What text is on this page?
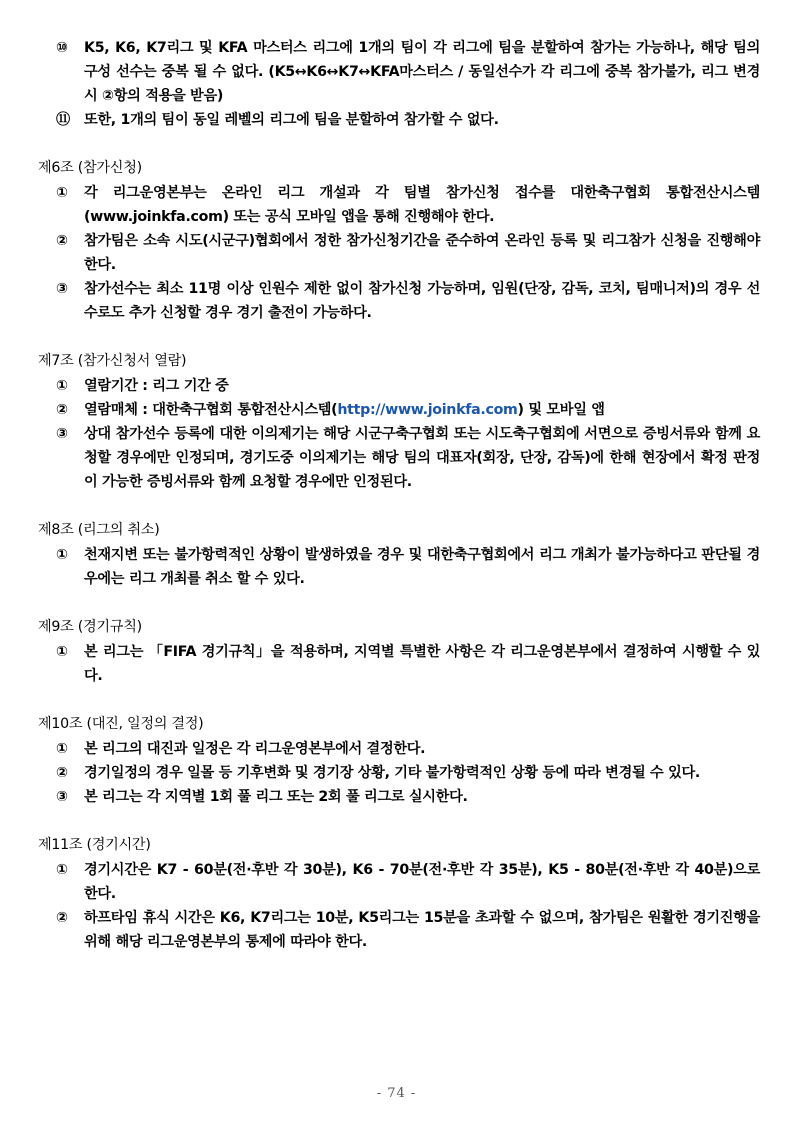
⑩	K5, K6, K7리그 및 KFA 마스터스 리그에 1개의 팀이 각 리그에 팀을 분할하여 참가는 가능하나, 해당 팀의 구성 선수는 중복 될 수 없다. (K5↔K6↔K7↔KFA마스터스 / 동일선수가 각 리그에 중복 참가불가, 리그 변경 시 ②항의 적용을 받음)

⑪ 또한, 1개의 팀이 동일 레벨의 리그에 팀을 분할하여 참가할 수 없다.

제6조 (참가신청)

①	각 리그운영본부는 온라인 리그 개설과 각 팀별 참가신청 접수를 대한축구협회 통합전산시스템 (www.joinkfa.com) 또는 공식 모바일 앱을 통해 진행해야 한다.

②	참가팀은 소속 시도(시군구)협회에서 정한 참가신청기간을 준수하여 온라인 등록 및 리그참가 신청을 진행해야 한다.

③	참가선수는 최소 11명 이상 인원수 제한 없이 참가신청 가능하며, 임원(단장, 감독, 코치, 팀매니저)의 경우 선수로도 추가 신청할 경우 경기 출전이 가능하다.

제7조 (참가신청서 열람)

①	열람기간 : 리그 기간 중

②	열람매체 : 대한축구협회 통합전산시스템(http://www.joinkfa.com) 및 모바일 앱

③	상대 참가선수 등록에 대한 이의제기는 해당 시군구축구협회 또는 시도축구협회에 서면으로 증빙서류와 함께 요청할 경우에만 인정되며, 경기도중 이의제기는 해당 팀의 대표자(회장, 단장, 감독)에 한해 현장에서 확정 판정이 가능한 증빙서류와 함께 요청할 경우에만 인정된다.

제8조 (리그의 취소)

①	천재지변 또는 불가항력적인 상황이 발생하였을 경우 및 대한축구협회에서 리그 개최가 불가능하다고 판단될 경우에는 리그 개최를 취소 할 수 있다.

제9조 (경기규칙)

①	본 리그는 「FIFA 경기규칙」을 적용하며, 지역별 특별한 사항은 각 리그운영본부에서 결정하여 시행할 수 있다.

제10조 (대진, 일정의 결정)

①	본 리그의 대진과 일정은 각 리그운영본부에서 결정한다.

②	경기일정의 경우 일몰 등 기후변화 및 경기장 상황, 기타 불가항력적인 상황 등에 따라 변경될 수 있다.

③	본 리그는 각 지역별 1회 풀 리그 또는 2회 풀 리그로 실시한다.

제11조 (경기시간)

①	경기시간은 K7 - 60분(전·후반 각 30분), K6 - 70분(전·후반 각 35분), K5 - 80분(전·후반 각 40분)으로 한다.

②	하프타임 휴식 시간은 K6, K7리그는 10분, K5리그는 15분을 초과할 수 없으며, 참가팀은 원활한 경기진행을 위해 해당 리그운영본부의 통제에 따라야 한다.

- 74 -
